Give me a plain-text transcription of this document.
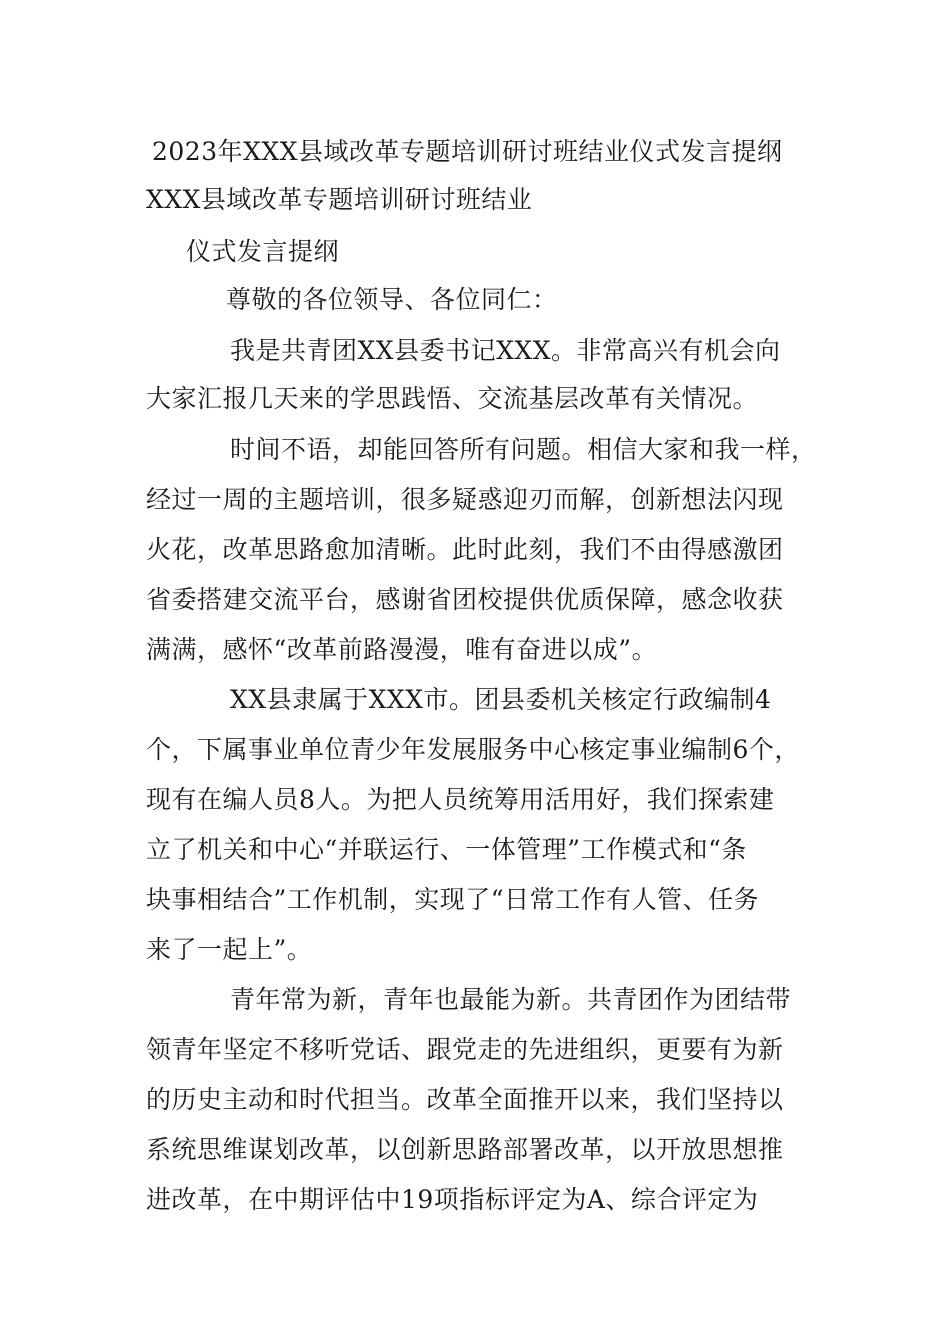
2023年XXX县域改革专题培训研讨班结业仪式发言提纲
XXX县域改革专题培训研讨班结业
仪式发言提纲
尊敬的各位领导、各位同仁：
我是共青团XX县委书记XXX。非常高兴有机会向
大家汇报几天来的学思践悟、交流基层改革有关情况。
时间不语，却能回答所有问题。相信大家和我一样，
经过一周的主题培训，很多疑惑迎刃而解，创新想法闪现
火花，改革思路愈加清晰。此时此刻，我们不由得感激团
省委搭建交流平台，感谢省团校提供优质保障，感念收获
满满，感怀“改革前路漫漫，唯有奋进以成”。
XX县隶属于XXX市。团县委机关核定行政编制4
个，下属事业单位青少年发展服务中心核定事业编制6个，
现有在编人员8人。为把人员统筹用活用好，我们探索建
立了机关和中心“并联运行、一体管理”工作模式和“条
块事相结合”工作机制，实现了“日常工作有人管、任务
来了一起上”。
青年常为新，青年也最能为新。共青团作为团结带
领青年坚定不移听党话、跟党走的先进组织，更要有为新
的历史主动和时代担当。改革全面推开以来，我们坚持以
系统思维谋划改革，以创新思路部署改革，以开放思想推
进改革，在中期评估中19项指标评定为A、综合评定为
